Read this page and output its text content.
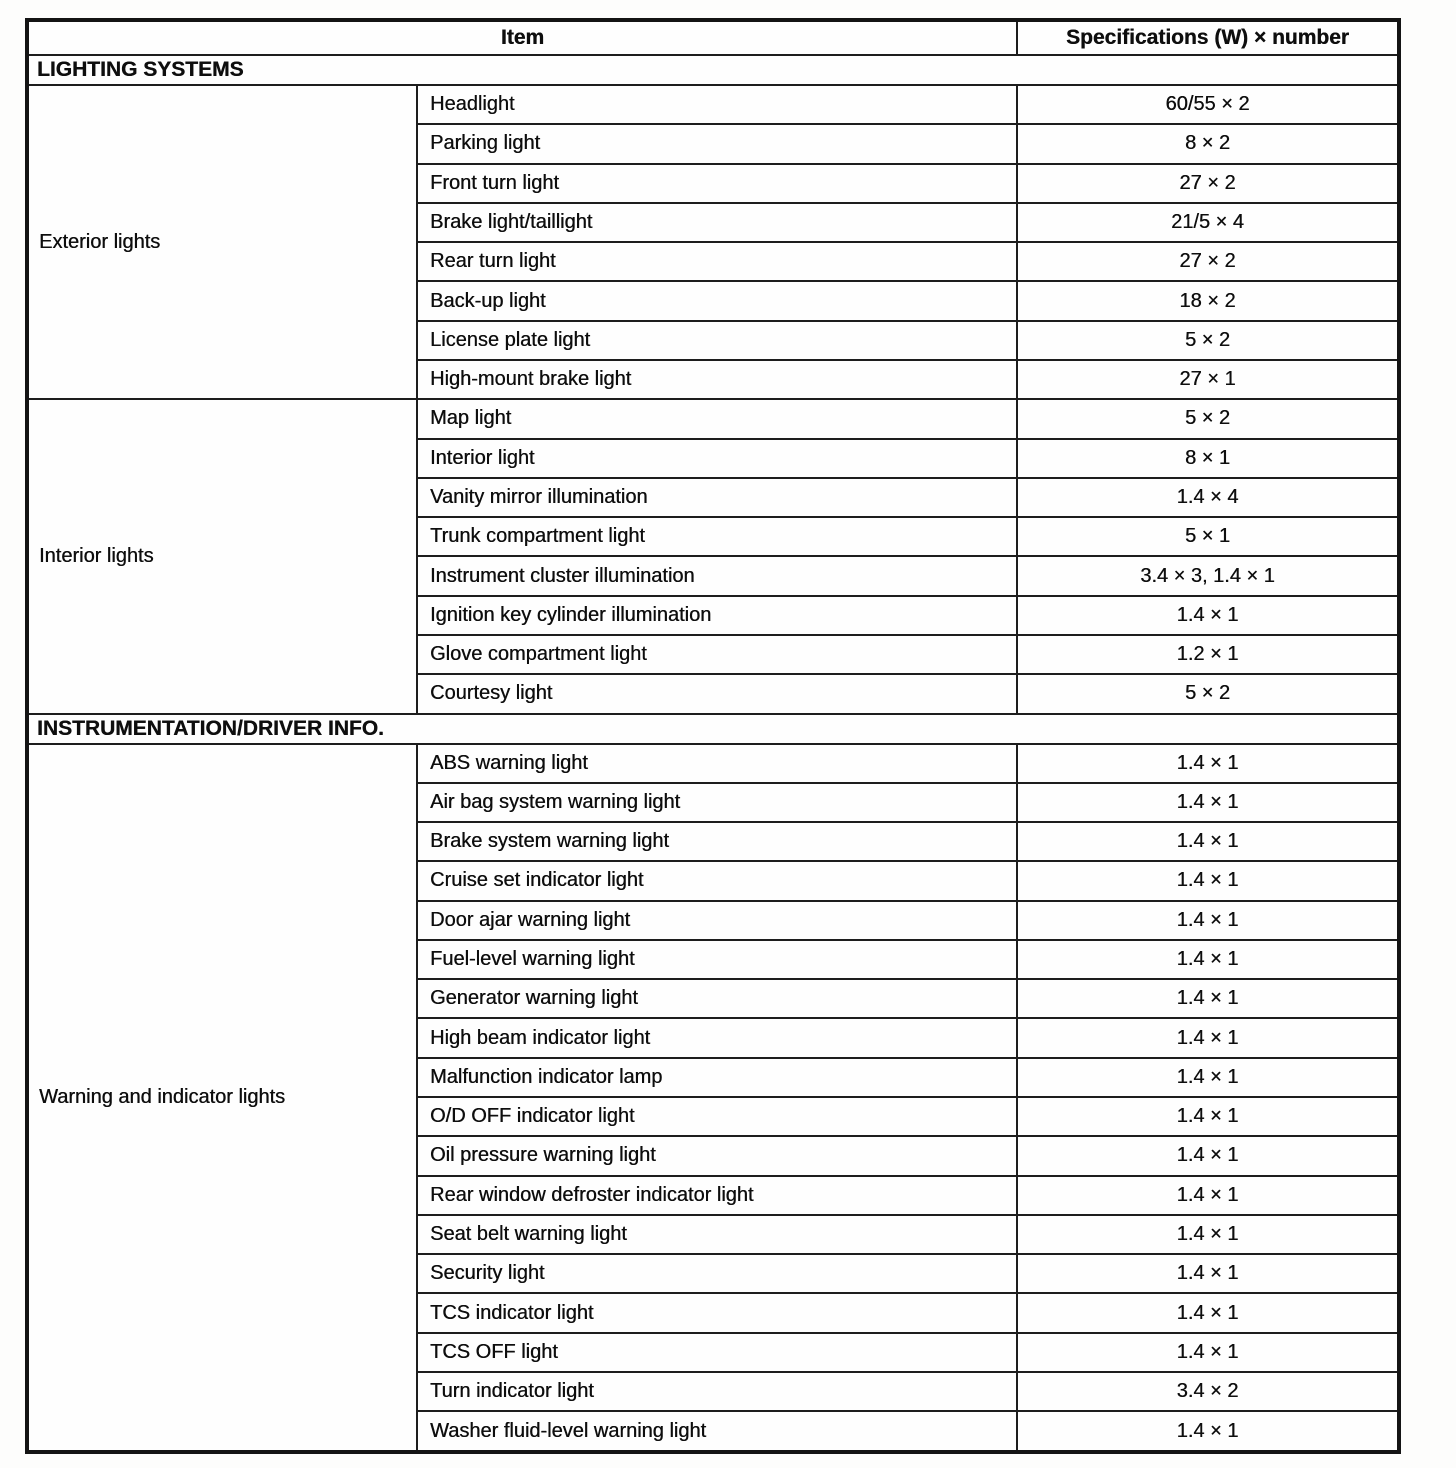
Item		Specifications (W) × number
LIGHTING SYSTEMS		
Exterior lights	Headlight	60/55 × 2
	Parking light	8 × 2
	Front turn light	27 × 2
	Brake light/taillight	21/5 × 4
	Rear turn light	27 × 2
	Back-up light	18 × 2
	License plate light	5 × 2
	High-mount brake light	27 × 1
Interior lights	Map light	5 × 2
	Interior light	8 × 1
	Vanity mirror illumination	1.4 × 4
	Trunk compartment light	5 × 1
	Instrument cluster illumination	3.4 × 3, 1.4 × 1
	Ignition key cylinder illumination	1.4 × 1
	Glove compartment light	1.2 × 1
	Courtesy light	5 × 2
INSTRUMENTATION/DRIVER INFO.		
Warning and indicator lights	ABS warning light	1.4 × 1
	Air bag system warning light	1.4 × 1
	Brake system warning light	1.4 × 1
	Cruise set indicator light	1.4 × 1
	Door ajar warning light	1.4 × 1
	Fuel-level warning light	1.4 × 1
	Generator warning light	1.4 × 1
	High beam indicator light	1.4 × 1
	Malfunction indicator lamp	1.4 × 1
	O/D OFF indicator light	1.4 × 1
	Oil pressure warning light	1.4 × 1
	Rear window defroster indicator light	1.4 × 1
	Seat belt warning light	1.4 × 1
	Security light	1.4 × 1
	TCS indicator light	1.4 × 1
	TCS OFF light	1.4 × 1
	Turn indicator light	3.4 × 2
	Washer fluid-level warning light	1.4 × 1
